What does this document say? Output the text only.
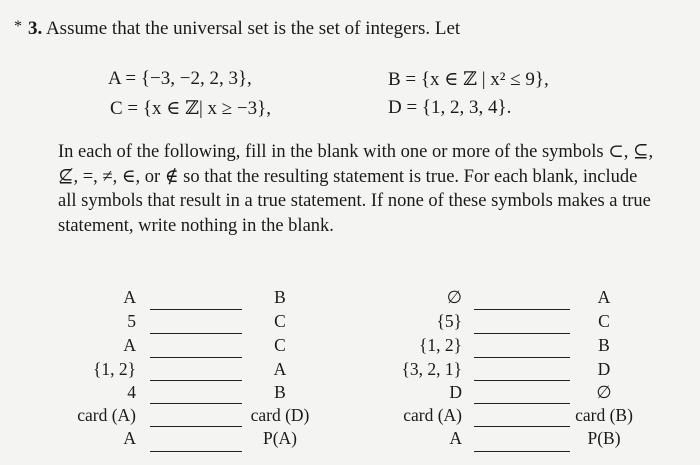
* 3. Assume that the universal set is the set of integers. Let
A = {−3, −2, 2, 3},	B = {x ∈ ℤ | x² ≤ 9},
C = {x ∈ ℤ| x ≥ −3},	D = {1, 2, 3, 4}.
In each of the following, fill in the blank with one or more of the symbols ⊂, ⊆, ⊈, =, ≠, ∈, or ∉ so that the resulting statement is true. For each blank, include all symbols that result in a true statement. If none of these symbols makes a true statement, write nothing in the blank.
A
5
A
{1, 2}
4
card (A)
A
B
C
C
A
B
card (D)
P(A)
∅
{5}
{1, 2}
{3, 2, 1}
D
card (A)
A
A
C
B
D
∅
card (B)
P(B)
